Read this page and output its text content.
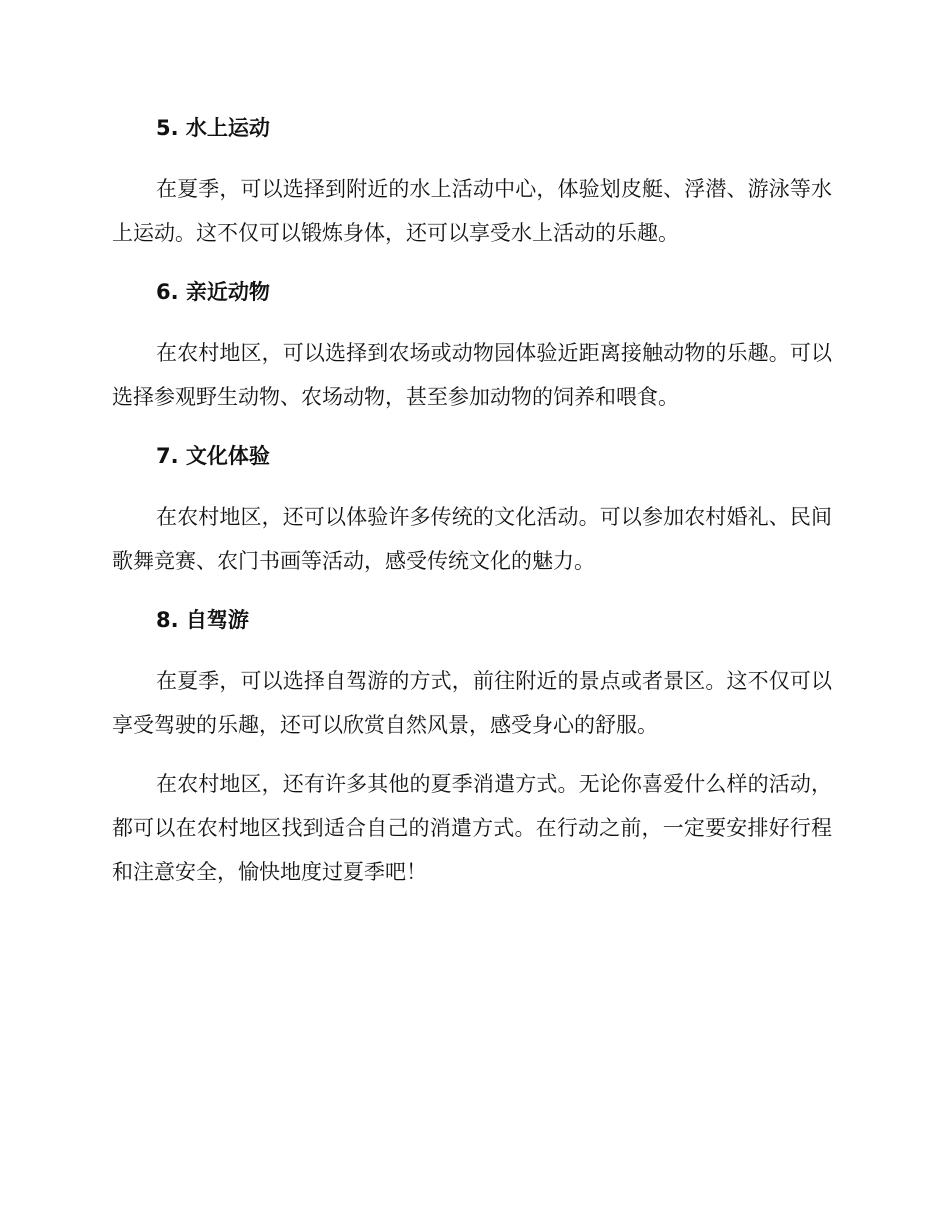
5. 水上运动

在夏季，可以选择到附近的水上活动中心，体验划皮艇、浮潜、游泳等水上运动。这不仅可以锻炼身体，还可以享受水上活动的乐趣。

6. 亲近动物

在农村地区，可以选择到农场或动物园体验近距离接触动物的乐趣。可以选择参观野生动物、农场动物，甚至参加动物的饲养和喂食。

7. 文化体验

在农村地区，还可以体验许多传统的文化活动。可以参加农村婚礼、民间歌舞竞赛、农门书画等活动，感受传统文化的魅力。

8. 自驾游

在夏季，可以选择自驾游的方式，前往附近的景点或者景区。这不仅可以享受驾驶的乐趣，还可以欣赏自然风景，感受身心的舒服。

在农村地区，还有许多其他的夏季消遣方式。无论你喜爱什么样的活动，都可以在农村地区找到适合自己的消遣方式。在行动之前，一定要安排好行程和注意安全，愉快地度过夏季吧！
